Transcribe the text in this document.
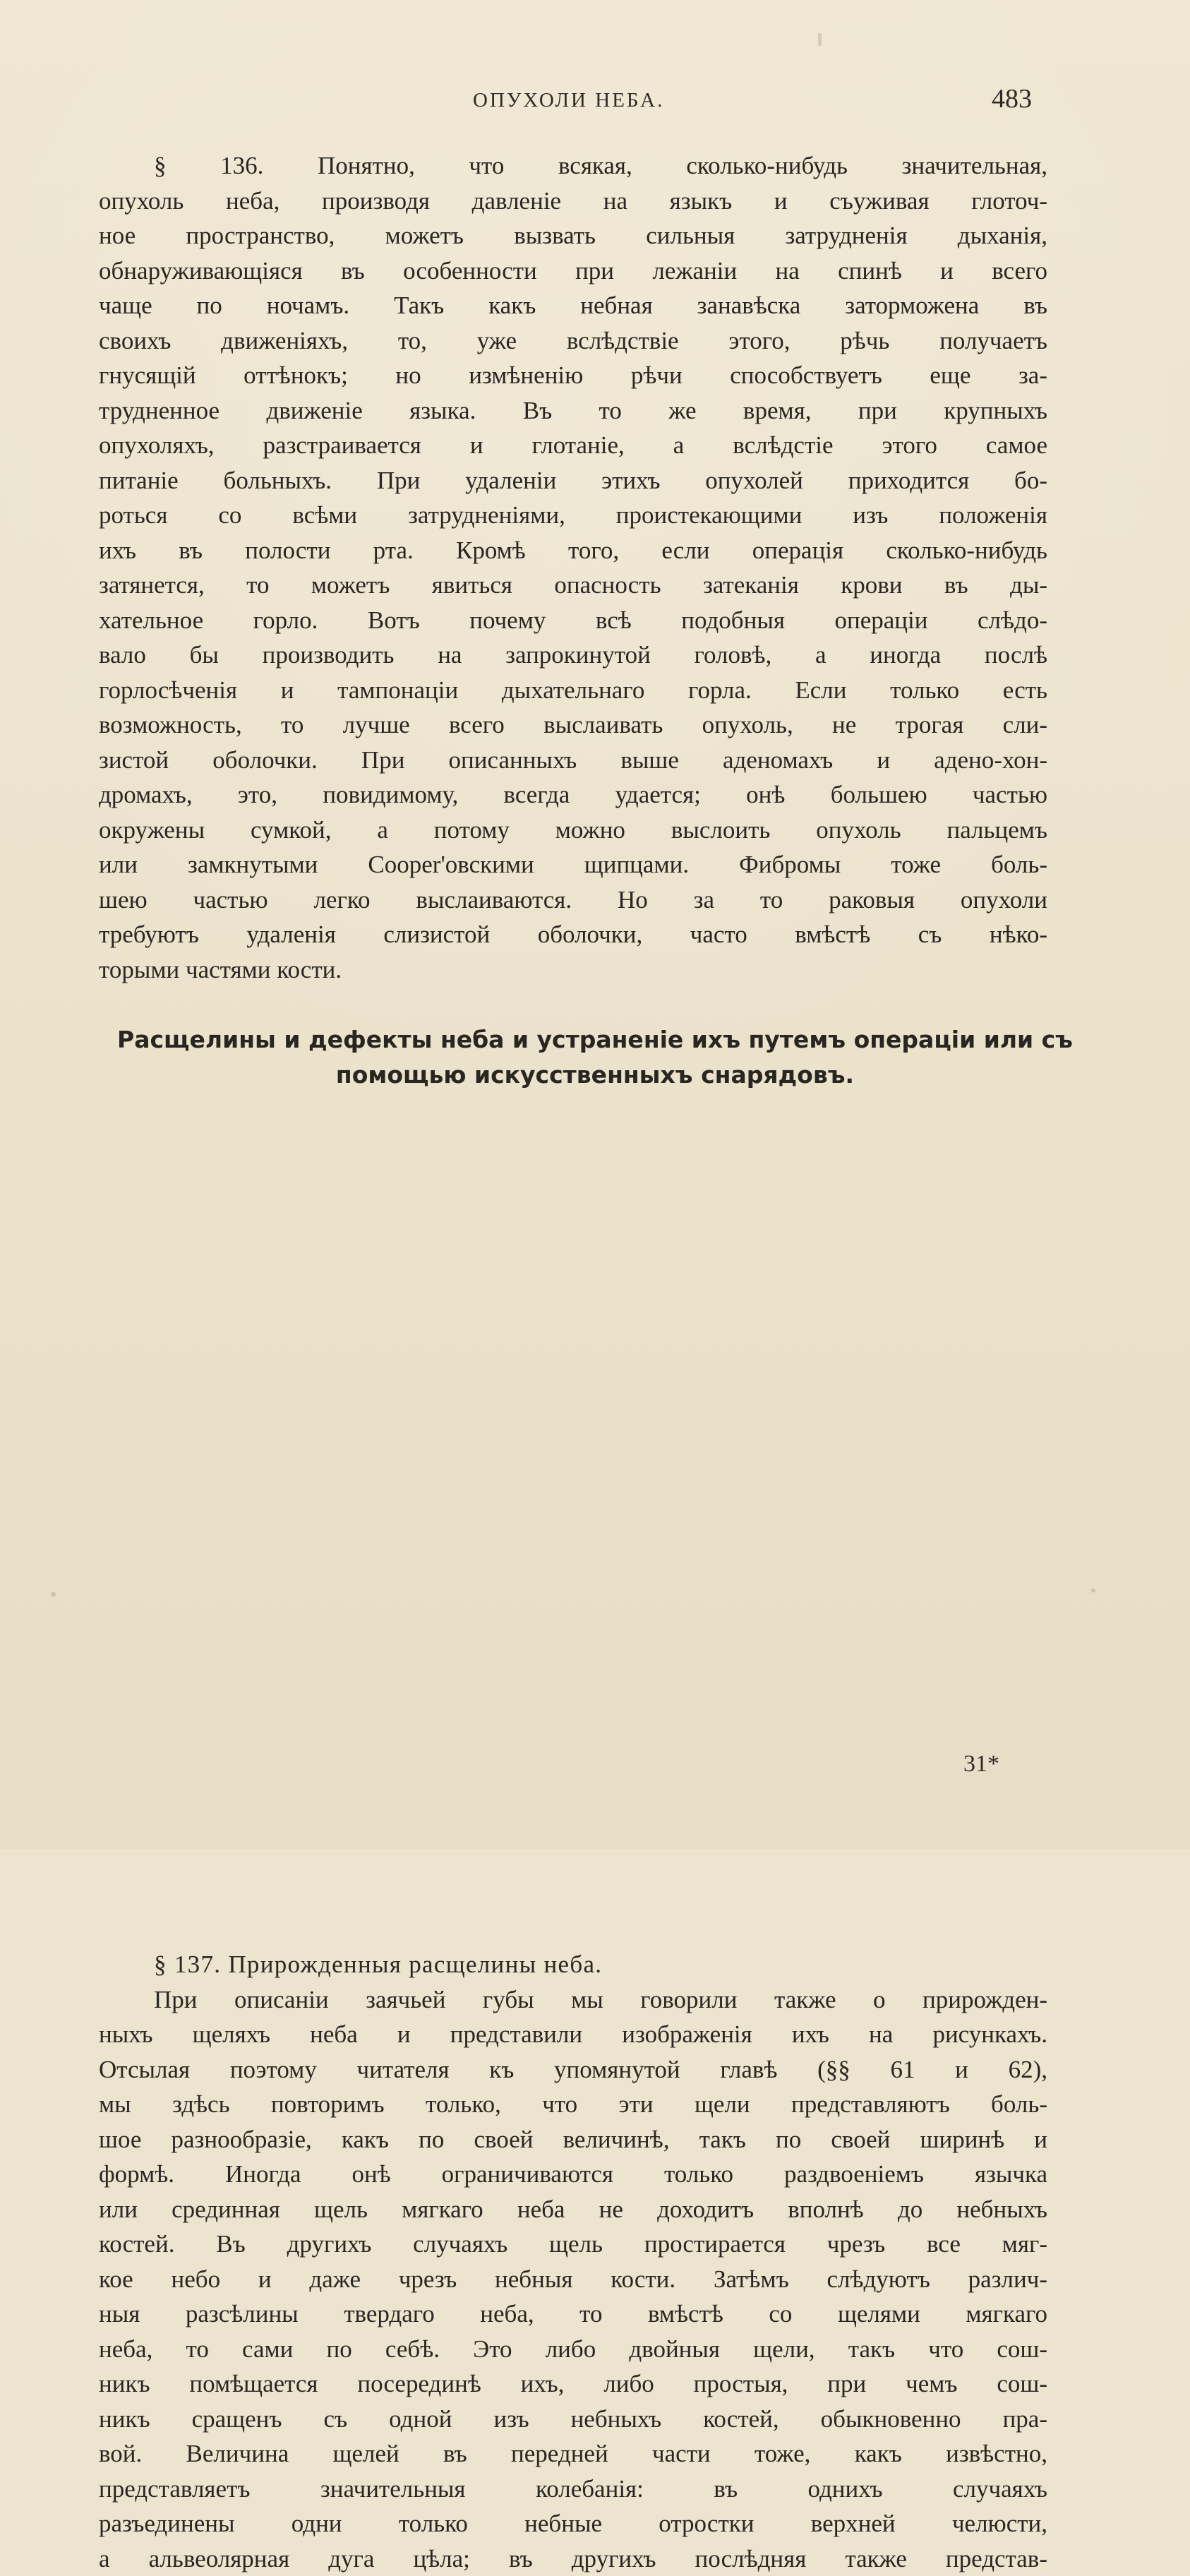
ОПУХОЛИ НЕБА.	483
§ 136. Понятно, что всякая, сколько-нибудь значительная,
опухоль неба, производя давленіе на языкъ и съуживая глоточ-
ное пространство, можетъ вызвать сильныя затрудненія дыханія,
обнаруживающіяся въ особенности при лежаніи на спинѣ и всего
чаще по ночамъ. Такъ какъ небная занавѣска заторможена въ
своихъ движеніяхъ, то, уже вслѣдствіе этого, рѣчь получаетъ
гнусящій оттѣнокъ; но измѣненію рѣчи способствуетъ еще за-
трудненное движеніе языка. Въ то же время, при крупныхъ
опухоляхъ, разстраивается и глотаніе, а вслѣдстіе этого самое
питаніе больныхъ. При удаленіи этихъ опухолей приходится бо-
роться со всѣми затрудненіями, проистекающими изъ положенія
ихъ въ полости рта. Кромѣ того, если операція сколько-нибудь
затянется, то можетъ явиться опасность затеканія крови въ ды-
хательное горло. Вотъ почему всѣ подобныя операціи слѣдо-
вало бы производить на запрокинутой головѣ, а иногда послѣ
горлосѣченія и тампонаціи дыхательнаго горла. Если только есть
возможность, то лучше всего выслаивать опухоль, не трогая сли-
зистой оболочки. При описанныхъ выше аденомахъ и адено-хон-
дромахъ, это, повидимому, всегда удается; онѣ большею частью
окружены сумкой, а потому можно выслоить опухоль пальцемъ
или замкнутыми Cooper'овскими щипцами. Фибромы тоже боль-
шею частью легко выслаиваются. Но за то раковыя опухоли
требуютъ удаленія слизистой оболочки, часто вмѣстѣ съ нѣко-
торыми частями кости.
Расщелины и дефекты неба и устраненіе ихъ путемъ операціи или съ
помощью искусственныхъ снарядовъ.
§ 137. Прирожденныя расщелины неба.
При описаніи заячьей губы мы говорили также о прирожден-
ныхъ щеляхъ неба и представили изображенія ихъ на рисункахъ.
Отсылая поэтому читателя къ упомянутой главѣ (§§ 61 и 62),
мы здѣсь повторимъ только, что эти щели представляютъ боль-
шое разнообразіе, какъ по своей величинѣ, такъ по своей ширинѣ и
формѣ. Иногда онѣ ограничиваются только раздвоеніемъ язычка
или срединная щель мягкаго неба не доходитъ вполнѣ до небныхъ
костей. Въ другихъ случаяхъ щель простирается чрезъ все мяг-
кое небо и даже чрезъ небныя кости. Затѣмъ слѣдуютъ различ-
ныя разсѣлины твердаго неба, то вмѣстѣ со щелями мягкаго
неба, то сами по себѣ. Это либо двойныя щели, такъ что сош-
никъ помѣщается посерединѣ ихъ, либо простыя, при чемъ сош-
никъ сращенъ съ одной изъ небныхъ костей, обыкновенно пра-
вой. Величина щелей въ передней части тоже, какъ извѣстно,
представляетъ значительныя колебанія: въ однихъ случаяхъ
разъединены одни только небные отростки верхней челюсти,
а альвеолярная дуга цѣла; въ другихъ послѣдняя также представ-
31*
